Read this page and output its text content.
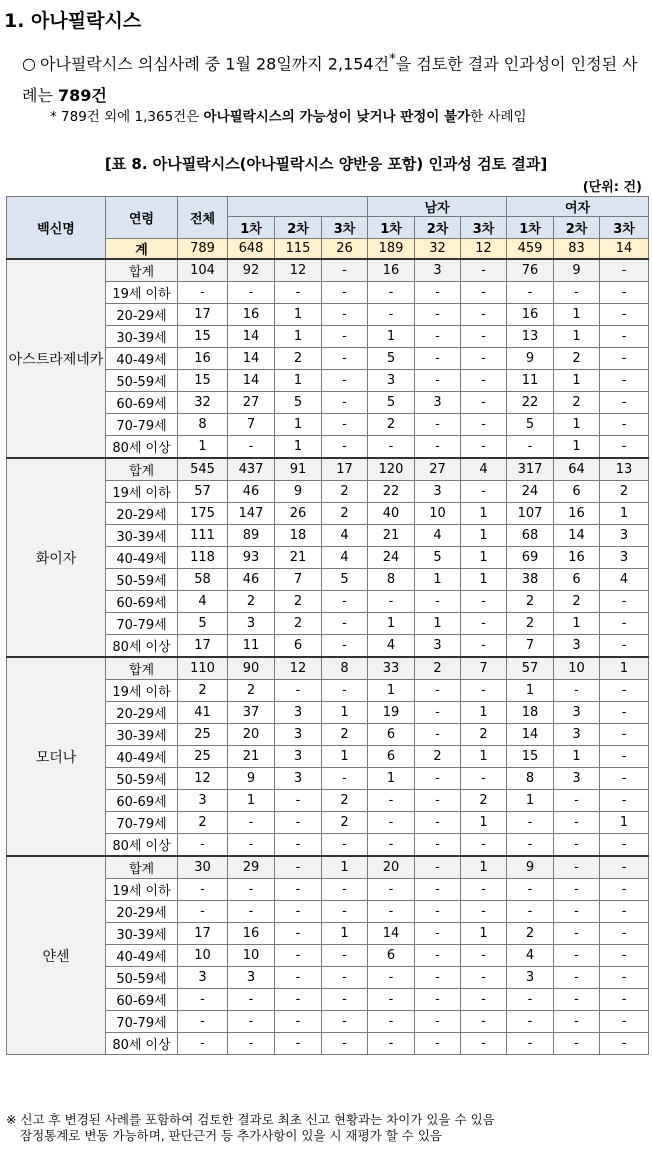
1. 아나필락시스
○ 아나필락시스 의심사례 중 1월 28일까지 2,154건*을 검토한 결과 인과성이 인정된 사례는 789건
* 789건 외에 1,365건은 아나필락시스의 가능성이 낮거나 판정이 불가한 사례임
[표 8. 아나필락시스(아나필락시스 양반응 포함) 인과성 검토 결과]
(단위: 건)
백신명	연령	전체				남자			여자		
			1차	2차	3차	1차	2차	3차	1차	2차	3차
	계	789	648	115	26	189	32	12	459	83	14
아스트라제네카	합계	104	92	12	-	16	3	-	76	9	-
	19세 이하	-	-	-	-	-	-	-	-	-	-
	20-29세	17	16	1	-	-	-	-	16	1	-
	30-39세	15	14	1	-	1	-	-	13	1	-
	40-49세	16	14	2	-	5	-	-	9	2	-
	50-59세	15	14	1	-	3	-	-	11	1	-
	60-69세	32	27	5	-	5	3	-	22	2	-
	70-79세	8	7	1	-	2	-	-	5	1	-
	80세 이상	1	-	1	-	-	-	-	-	1	-
화이자	합계	545	437	91	17	120	27	4	317	64	13
	19세 이하	57	46	9	2	22	3	-	24	6	2
	20-29세	175	147	26	2	40	10	1	107	16	1
	30-39세	111	89	18	4	21	4	1	68	14	3
	40-49세	118	93	21	4	24	5	1	69	16	3
	50-59세	58	46	7	5	8	1	1	38	6	4
	60-69세	4	2	2	-	-	-	-	2	2	-
	70-79세	5	3	2	-	1	1	-	2	1	-
	80세 이상	17	11	6	-	4	3	-	7	3	-
모더나	합계	110	90	12	8	33	2	7	57	10	1
	19세 이하	2	2	-	-	1	-	-	1	-	-
	20-29세	41	37	3	1	19	-	1	18	3	-
	30-39세	25	20	3	2	6	-	2	14	3	-
	40-49세	25	21	3	1	6	2	1	15	1	-
	50-59세	12	9	3	-	1	-	-	8	3	-
	60-69세	3	1	-	2	-	-	2	1	-	-
	70-79세	2	-	-	2	-	-	1	-	-	1
	80세 이상	-	-	-	-	-	-	-	-	-	-
얀센	합계	30	29	-	1	20	-	1	9	-	-
	19세 이하	-	-	-	-	-	-	-	-	-	-
	20-29세	-	-	-	-	-	-	-	-	-	-
	30-39세	17	16	-	1	14	-	1	2	-	-
	40-49세	10	10	-	-	6	-	-	4	-	-
	50-59세	3	3	-	-	-	-	-	3	-	-
	60-69세	-	-	-	-	-	-	-	-	-	-
	70-79세	-	-	-	-	-	-	-	-	-	-
	80세 이상	-	-	-	-	-	-	-	-	-	-
※ 신고 후 변경된 사례를 포함하여 검토한 결과로 최초 신고 현황과는 차이가 있을 수 있음
잠정통계로 변동 가능하며, 판단근거 등 추가사항이 있을 시 재평가 할 수 있음
